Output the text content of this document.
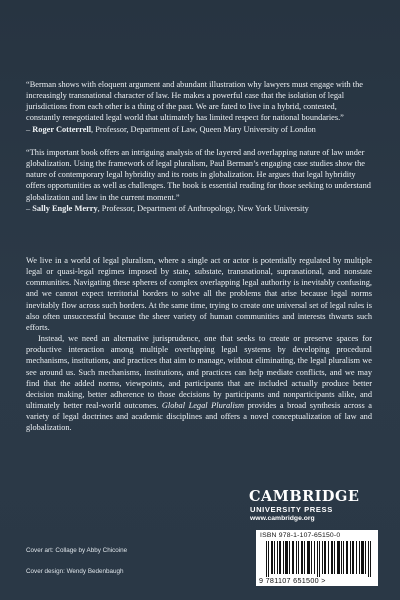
“Berman shows with eloquent argument and abundant illustration why lawyers must engage with the increasingly transnational character of law. He makes a powerful case that the isolation of legal jurisdictions from each other is a thing of the past. We are fated to live in a hybrid, contested, constantly renegotiated legal world that ultimately has limited respect for national boundaries.”
– Roger Cotterrell, Professor, Department of Law, Queen Mary University of London

“This important book offers an intriguing analysis of the layered and overlapping nature of law under globalization. Using the framework of legal pluralism, Paul Berman’s engaging case studies show the nature of contemporary legal hybridity and its roots in globalization. He argues that legal hybridity offers opportunities as well as challenges. The book is essential reading for those seeking to understand globalization and law in the current moment.”
– Sally Engle Merry, Professor, Department of Anthropology, New York University

We live in a world of legal pluralism, where a single act or actor is potentially regulated by multiple legal or quasi-legal regimes imposed by state, substate, transnational, supranational, and nonstate communities. Navigating these spheres of complex overlapping legal authority is inevitably confusing, and we cannot expect territorial borders to solve all the problems that arise because legal norms inevitably flow across such borders. At the same time, trying to create one universal set of legal rules is also often unsuccessful because the sheer variety of human communities and interests thwarts such efforts.

Instead, we need an alternative jurisprudence, one that seeks to create or preserve spaces for productive interaction among multiple overlapping legal systems by developing procedural mechanisms, institutions, and practices that aim to manage, without eliminating, the legal pluralism we see around us. Such mechanisms, institutions, and practices can help mediate conflicts, and we may find that the added norms, viewpoints, and participants that are included actually produce better decision making, better adherence to those decisions by participants and nonparticipants alike, and ultimately better real-world outcomes. Global Legal Pluralism provides a broad synthesis across a variety of legal doctrines and academic disciplines and offers a novel conceptualization of law and globalization.

CAMBRIDGE
UNIVERSITY PRESS
www.cambridge.org
ISBN 978-1-107-65150-0
9 781107 651500 >
Cover art: Collage by Abby Chicoine
Cover design: Wendy Bedenbaugh
